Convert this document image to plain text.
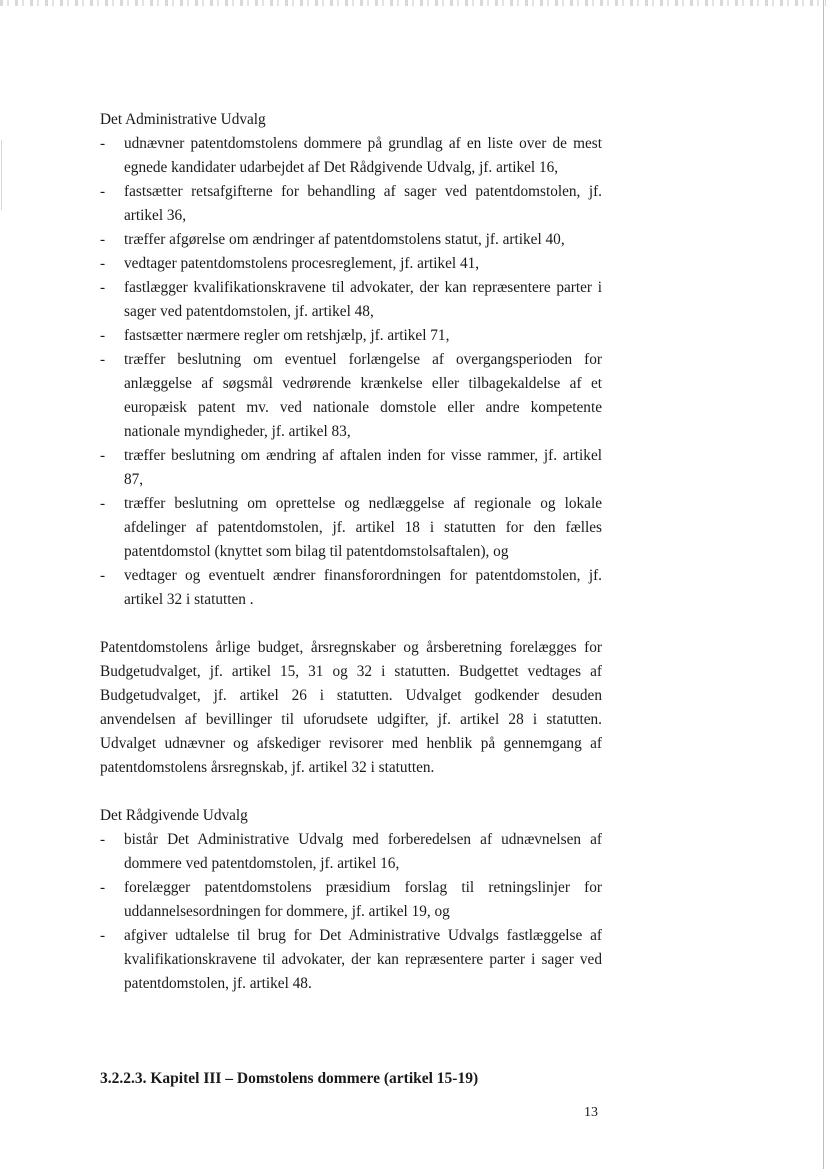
Det Administrative Udvalg

- udnævner patentdomstolens dommere på grundlag af en liste over de mest egnede kandidater udarbejdet af Det Rådgivende Udvalg, jf. artikel 16,
- fastsætter retsafgifterne for behandling af sager ved patentdomstolen, jf. artikel 36,
- træffer afgørelse om ændringer af patentdomstolens statut, jf. artikel 40,
- vedtager patentdomstolens procesreglement, jf. artikel 41,
- fastlægger kvalifikationskravene til advokater, der kan repræsentere parter i sager ved patentdomstolen, jf. artikel 48,
- fastsætter nærmere regler om retshjælp, jf. artikel 71,
- træffer beslutning om eventuel forlængelse af overgangsperioden for anlæggelse af søgsmål vedrørende krænkelse eller tilbagekaldelse af et europæisk patent mv. ved nationale domstole eller andre kompetente nationale myndigheder, jf. artikel 83,
- træffer beslutning om ændring af aftalen inden for visse rammer, jf. artikel 87,
- træffer beslutning om oprettelse og nedlæggelse af regionale og lokale afdelinger af patentdomstolen, jf. artikel 18 i statutten for den fælles patentdomstol (knyttet som bilag til patentdomstolsaftalen), og
- vedtager og eventuelt ændrer finansforordningen for patentdomstolen, jf. artikel 32 i statutten .

Patentdomstolens årlige budget, årsregnskaber og årsberetning forelægges for Budgetudvalget, jf. artikel 15, 31 og 32 i statutten. Budgettet vedtages af Budgetudvalget, jf. artikel 26 i statutten. Udvalget godkender desuden anvendelsen af bevillinger til uforudsete udgifter, jf. artikel 28 i statutten. Udvalget udnævner og afskediger revisorer med henblik på gennemgang af patentdomstolens årsregnskab, jf. artikel 32 i statutten.

Det Rådgivende Udvalg

- bistår Det Administrative Udvalg med forberedelsen af udnævnelsen af dommere ved patentdomstolen, jf. artikel 16,
- forelægger patentdomstolens præsidium forslag til retningslinjer for uddannelsesordningen for dommere, jf. artikel 19, og
- afgiver udtalelse til brug for Det Administrative Udvalgs fastlæggelse af kvalifikationskravene til advokater, der kan repræsentere parter i sager ved patentdomstolen, jf. artikel 48.
3.2.2.3. Kapitel III – Domstolens dommere (artikel 15-19)
13
